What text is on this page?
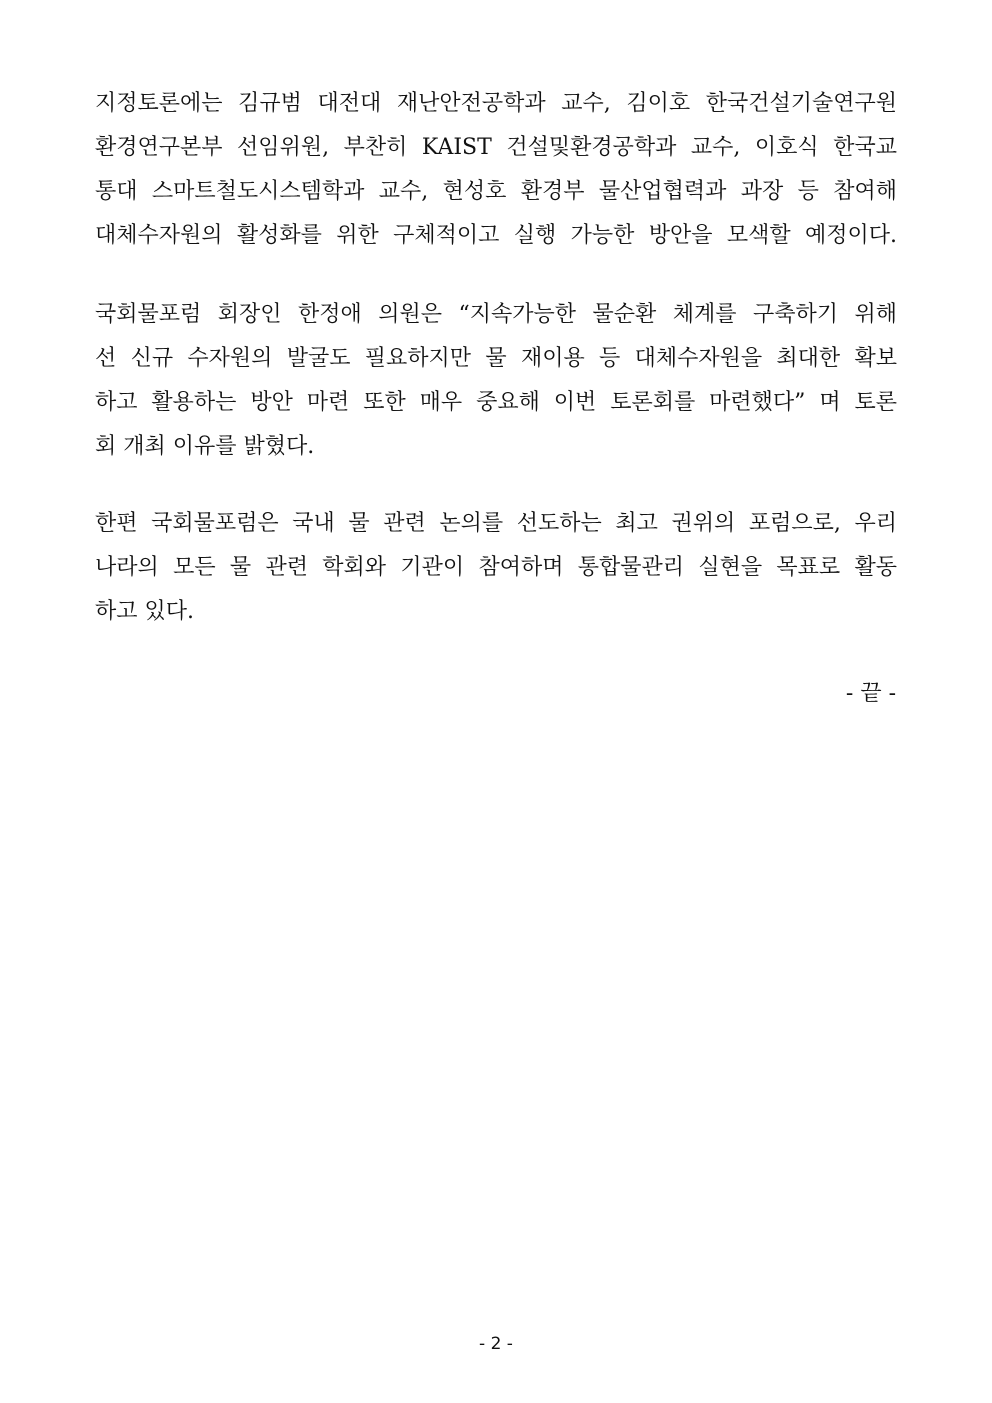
지정토론에는 김규범 대전대 재난안전공학과 교수, 김이호 한국건설기술연구원
환경연구본부 선임위원, 부찬히 KAIST 건설및환경공학과 교수, 이호식 한국교
통대 스마트철도시스템학과 교수, 현성호 환경부 물산업협력과 과장 등 참여해
대체수자원의 활성화를 위한 구체적이고 실행 가능한 방안을 모색할 예정이다.
국회물포럼 회장인 한정애 의원은 “지속가능한 물순환 체계를 구축하기 위해
선 신규 수자원의 발굴도 필요하지만 물 재이용 등 대체수자원을 최대한 확보
하고 활용하는 방안 마련 또한 매우 중요해 이번 토론회를 마련했다” 며 토론
회 개최 이유를 밝혔다.
한편 국회물포럼은 국내 물 관련 논의를 선도하는 최고 권위의 포럼으로, 우리
나라의 모든 물 관련 학회와 기관이 참여하며 통합물관리 실현을 목표로 활동
하고 있다.
- 끝 -
- 2 -
